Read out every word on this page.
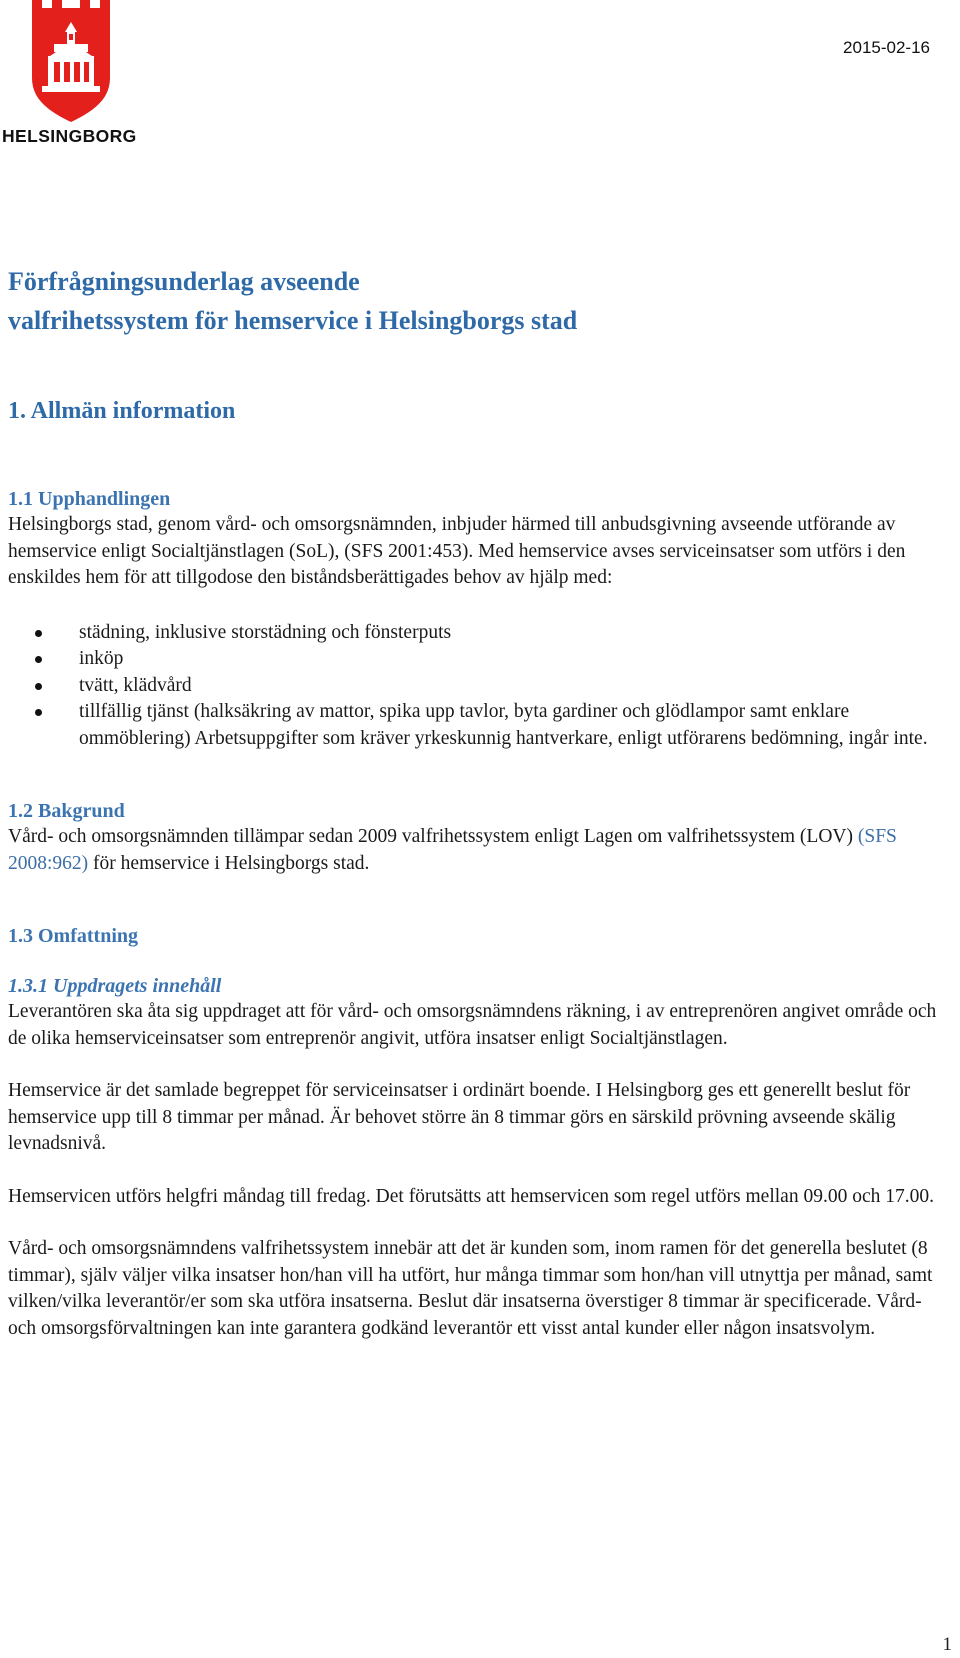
HELSINGBORG
2015-02-16
Förfrågningsunderlag avseende
valfrihetssystem för hemservice i Helsingborgs stad
1. Allmän information
1.1 Upphandlingen

Helsingborgs stad, genom vård- och omsorgsnämnden, inbjuder härmed till anbudsgivning avseende utförande av hemservice enligt Socialtjänstlagen (SoL), (SFS 2001:453). Med hemservice avses serviceinsatser som utförs i den enskildes hem för att tillgodose den biståndsberättigades behov av hjälp med:

städning, inklusive storstädning och fönsterputs
inköp
tvätt, klädvård
tillfällig tjänst (halksäkring av mattor, spika upp tavlor, byta gardiner och glödlampor samt enklare ommöblering) Arbetsuppgifter som kräver yrkeskunnig hantverkare, enligt utförarens bedömning, ingår inte.
1.2 Bakgrund

Vård- och omsorgsnämnden tillämpar sedan 2009 valfrihetssystem enligt Lagen om valfrihetssystem (LOV) (SFS 2008:962) för hemservice i Helsingborgs stad.

1.3 Omfattning
1.3.1 Uppdragets innehåll

Leverantören ska åta sig uppdraget att för vård- och omsorgsnämndens räkning, i av entreprenören angivet område och de olika hemserviceinsatser som entreprenör angivit, utföra insatser enligt Socialtjänstlagen.

Hemservice är det samlade begreppet för serviceinsatser i ordinärt boende. I Helsingborg ges ett generellt beslut för hemservice upp till 8 timmar per månad. Är behovet större än 8 timmar görs en särskild prövning avseende skälig levnadsnivå.

Hemservicen utförs helgfri måndag till fredag. Det förutsätts att hemservicen som regel utförs mellan 09.00 och 17.00.

Vård- och omsorgsnämndens valfrihetssystem innebär att det är kunden som, inom ramen för det generella beslutet (8 timmar), själv väljer vilka insatser hon/han vill ha utfört, hur många timmar som hon/han vill utnyttja per månad, samt vilken/vilka leverantör/er som ska utföra insatserna. Beslut där insatserna överstiger 8 timmar är specificerade. Vård- och omsorgsförvaltningen kan inte garantera godkänd leverantör ett visst antal kunder eller någon insatsvolym.

1
